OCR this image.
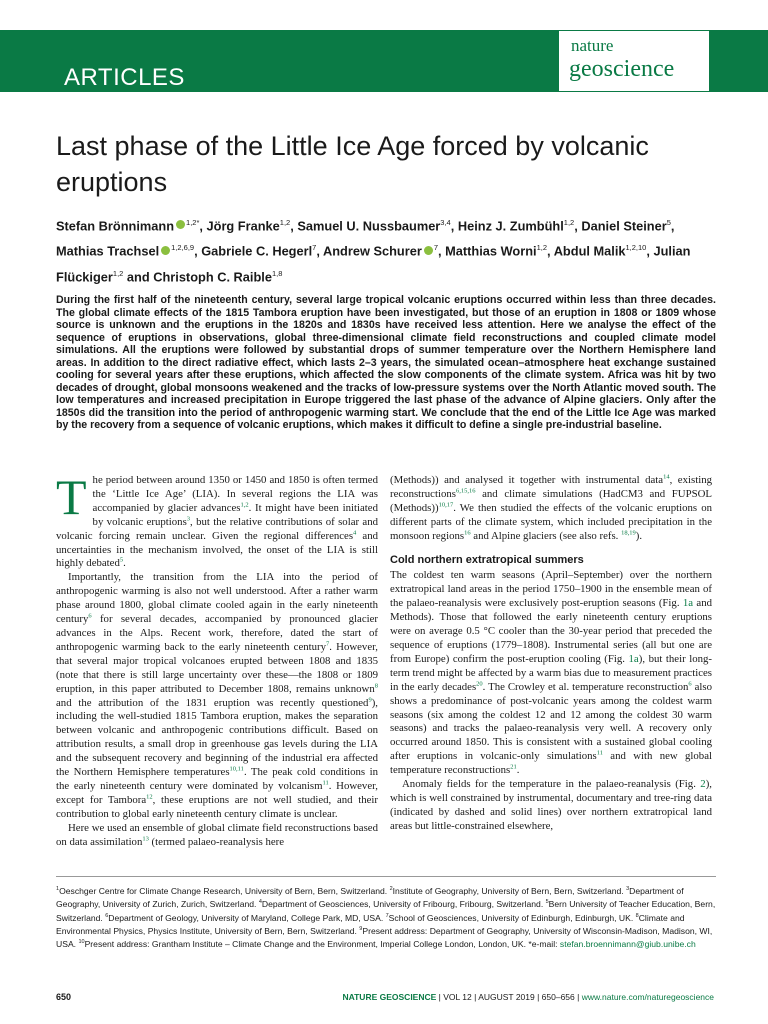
ARTICLES
https://doi.org/10.1038/s41561-019-0402-y
nature
geoscience
Last phase of the Little Ice Age forced by volcanic eruptions
Stefan Brönnimann $^{1,2*}$, Jörg Franke$^{1,2}$, Samuel U. Nussbaumer$^{3,4}$, Heinz J. Zumbühl$^{1,2}$, Daniel Steiner$^5$, Mathias Trachsel $^{1,2,6,9}$, Gabriele C. Hegerl$^7$, Andrew Schurer $^7$, Matthias Worni$^{1,2}$, Abdul Malik$^{1,2,10}$, Julian Flückiger$^{1,2}$ and Christoph C. Raible$^{1,8}$
During the first half of the nineteenth century, several large tropical volcanic eruptions occurred within less than three decades. The global climate effects of the 1815 Tambora eruption have been investigated, but those of an eruption in 1808 or 1809 whose source is unknown and the eruptions in the 1820s and 1830s have received less attention. Here we analyse the effect of the sequence of eruptions in observations, global three-dimensional climate field reconstructions and coupled climate model simulations. All the eruptions were followed by substantial drops of summer temperature over the Northern Hemisphere land areas. In addition to the direct radiative effect, which lasts 2–3 years, the simulated ocean–atmosphere heat exchange sustained cooling for several years after these eruptions, which affected the slow components of the climate system. Africa was hit by two decades of drought, global monsoons weakened and the tracks of low-pressure systems over the North Atlantic moved south. The low temperatures and increased precipitation in Europe triggered the last phase of the advance of Alpine glaciers. Only after the 1850s did the transition into the period of anthropogenic warming start. We conclude that the end of the Little Ice Age was marked by the recovery from a sequence of volcanic eruptions, which makes it difficult to define a single pre-industrial baseline.

The period between around 1350 or 1450 and 1850 is often termed the ‘Little Ice Age’ (LIA). In several regions the LIA was accompanied by glacier advances$^{1,2}$. It might have been initiated by volcanic eruptions$^3$, but the relative contributions of solar and volcanic forcing remain unclear. Given the regional differences$^4$ and uncertainties in the mechanism involved, the onset of the LIA is still highly debated$^5$.

Importantly, the transition from the LIA into the period of anthropogenic warming is also not well understood. After a rather warm phase around 1800, global climate cooled again in the early nineteenth century$^6$ for several decades, accompanied by pronounced glacier advances in the Alps. Recent work, therefore, dated the start of anthropogenic warming back to the early nineteenth century$^7$. However, that several major tropical volcanoes erupted between 1808 and 1835 (note that there is still large uncertainty over these—the 1808 or 1809 eruption, in this paper attributed to December 1808, remains unknown$^8$ and the attribution of the 1831 eruption was recently questioned$^9$), including the well-studied 1815 Tambora eruption, makes the separation between volcanic and anthropogenic contributions difficult. Based on attribution results, a small drop in greenhouse gas levels during the LIA and the subsequent recovery and beginning of the industrial era affected the Northern Hemisphere temperatures$^{10,11}$. The peak cold conditions in the early nineteenth century were dominated by volcanism$^{11}$. However, except for Tambora$^{12}$, these eruptions are not well studied, and their contribution to global early nineteenth century climate is unclear.

Here we used an ensemble of global climate field reconstructions based on data assimilation$^{13}$ (termed palaeo-reanalysis here

(Methods)) and analysed it together with instrumental data$^{14}$, existing reconstructions$^{6,15,16}$ and climate simulations (HadCM3 and FUPSOL (Methods))$^{10,17}$. We then studied the effects of the volcanic eruptions on different parts of the climate system, which included precipitation in the monsoon regions$^{16}$ and Alpine glaciers (see also refs. $^{18,19}$).

Cold northern extratropical summers

The coldest ten warm seasons (April–September) over the northern extratropical land areas in the period 1750–1900 in the ensemble mean of the palaeo-reanalysis were exclusively post-eruption seasons (Fig. 1a and Methods). Those that followed the early nineteenth century eruptions were on average 0.5 °C cooler than the 30-year period that preceded the sequence of eruptions (1779–1808). Instrumental series (all but one are from Europe) confirm the post-eruption cooling (Fig. 1a), but their long-term trend might be affected by a warm bias due to measurement practices in the early decades$^{20}$. The Crowley et al. temperature reconstruction$^6$ also shows a predominance of post-volcanic years among the coldest warm seasons (six among the coldest 12 and 12 among the coldest 30 warm seasons) and tracks the palaeo-reanalysis very well. A recovery only occurred around 1850. This is consistent with a sustained global cooling after eruptions in volcanic-only simulations$^{11}$ and with new global temperature reconstructions$^{21}$.

Anomaly fields for the temperature in the palaeo-reanalysis (Fig. 2), which is well constrained by instrumental, documentary and tree-ring data (indicated by dashed and solid lines) over northern extratropical land areas but little-constrained elsewhere,

$^1$Oeschger Centre for Climate Change Research, University of Bern, Bern, Switzerland. $^2$Institute of Geography, University of Bern, Bern, Switzerland. $^3$Department of Geography, University of Zurich, Zurich, Switzerland. $^4$Department of Geosciences, University of Fribourg, Fribourg, Switzerland. $^5$Bern University of Teacher Education, Bern, Switzerland. $^6$Department of Geology, University of Maryland, College Park, MD, USA. $^7$School of Geosciences, University of Edinburgh, Edinburgh, UK. $^8$Climate and Environmental Physics, Physics Institute, University of Bern, Bern, Switzerland. $^9$Present address: Department of Geography, University of Wisconsin-Madison, Madison, WI, USA. $^{10}$Present address: Grantham Institute – Climate Change and the Environment, Imperial College London, London, UK. *e-mail: stefan.broennimann@giub.unibe.ch
650	NATURE GEOSCIENCE | VOL 12 | AUGUST 2019 | 650–656 | www.nature.com/naturegeoscience
